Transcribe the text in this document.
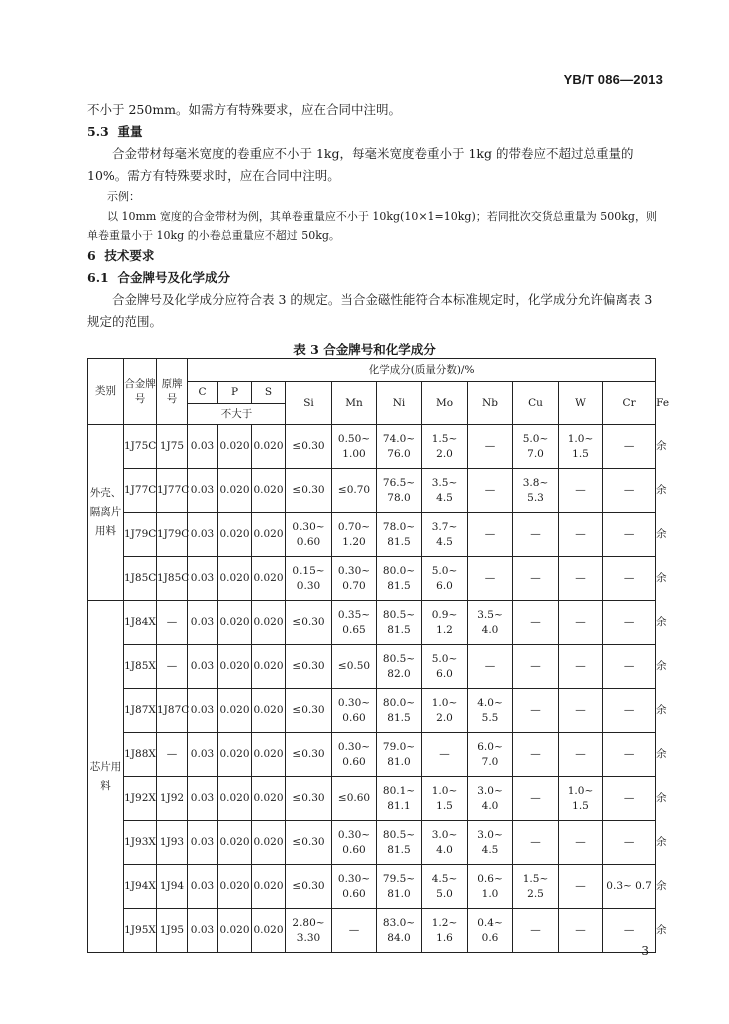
YB/T 086—2013
不小于 250mm。如需方有特殊要求，应在合同中注明。
5.3 重量
合金带材每毫米宽度的卷重应不小于 1kg，每毫米宽度卷重小于 1kg 的带卷应不超过总重量的 10%。需方有特殊要求时，应在合同中注明。
示例：
以 10mm 宽度的合金带材为例，其单卷重量应不小于 10kg(10×1=10kg)；若同批次交货总重量为 500kg，则单卷重量小于 10kg 的小卷总重量应不超过 50kg。
6 技术要求
6.1 合金牌号及化学成分
合金牌号及化学成分应符合表 3 的规定。当合金磁性能符合本标准规定时，化学成分允许偏离表 3 规定的范围。
表 3 合金牌号和化学成分
类别	合金牌号	原牌号	化学成分(质量分数)/%											
			C	P	S	Si	Mn	Ni	Mo	Nb	Cu	W	Cr	Fe
			不大于											
外壳、隔离片用料	1J75C	1J75	0.03	0.020	0.020	≤0.30	0.50~ 1.00	74.0~ 76.0	1.5~ 2.0	—	5.0~ 7.0	1.0~ 1.5	—	余
	1J77C	1J77C	0.03	0.020	0.020	≤0.30	≤0.70	76.5~ 78.0	3.5~ 4.5	—	3.8~ 5.3	—	—	余
	1J79C	1J79C	0.03	0.020	0.020	0.30~ 0.60	0.70~ 1.20	78.0~ 81.5	3.7~ 4.5	—	—	—	—	余
	1J85C	1J85C	0.03	0.020	0.020	0.15~ 0.30	0.30~ 0.70	80.0~ 81.5	5.0~ 6.0	—	—	—	—	余
芯片用料	1J84X	—	0.03	0.020	0.020	≤0.30	0.35~ 0.65	80.5~ 81.5	0.9~ 1.2	3.5~ 4.0	—	—	—	余
	1J85X	—	0.03	0.020	0.020	≤0.30	≤0.50	80.5~ 82.0	5.0~ 6.0	—	—	—	—	余
	1J87X	1J87C	0.03	0.020	0.020	≤0.30	0.30~ 0.60	80.0~ 81.5	1.0~ 2.0	4.0~ 5.5	—	—	—	余
	1J88X	—	0.03	0.020	0.020	≤0.30	0.30~ 0.60	79.0~ 81.0	—	6.0~ 7.0	—	—	—	余
	1J92X	1J92	0.03	0.020	0.020	≤0.30	≤0.60	80.1~ 81.1	1.0~ 1.5	3.0~ 4.0	—	1.0~ 1.5	—	余
	1J93X	1J93	0.03	0.020	0.020	≤0.30	0.30~ 0.60	80.5~ 81.5	3.0~ 4.0	3.0~ 4.5	—	—	—	余
	1J94X	1J94	0.03	0.020	0.020	≤0.30	0.30~ 0.60	79.5~ 81.0	4.5~ 5.0	0.6~ 1.0	1.5~ 2.5	—	0.3~ 0.7	余
	1J95X	1J95	0.03	0.020	0.020	2.80~ 3.30	—	83.0~ 84.0	1.2~ 1.6	0.4~ 0.6	—	—	—	余
3
